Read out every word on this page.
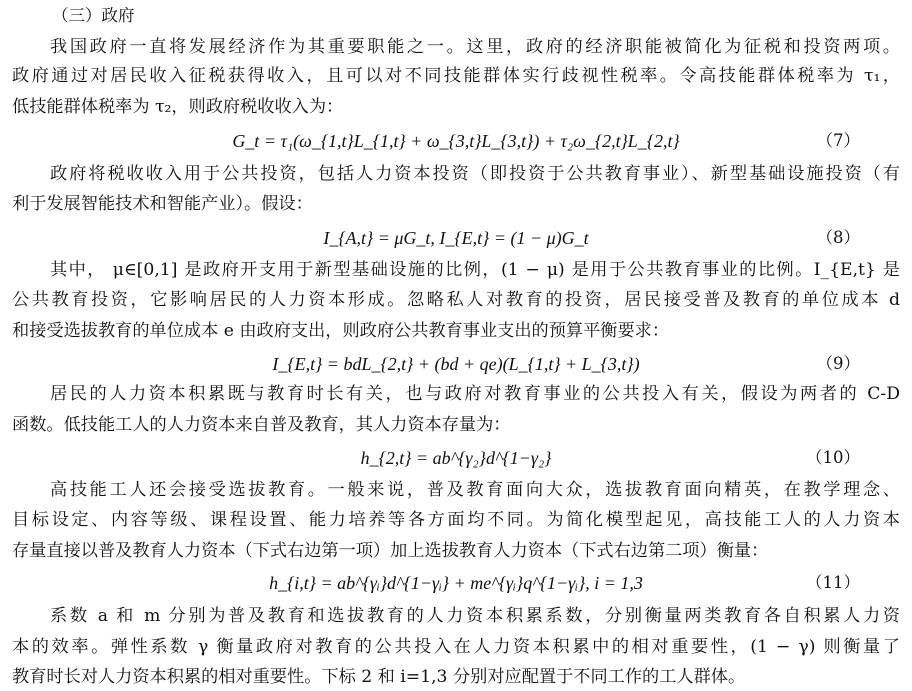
（三）政府
我国政府一直将发展经济作为其重要职能之一。这里，政府的经济职能被简化为征税和投资两项。
政府通过对居民收入征税获得收入，且可以对不同技能群体实行歧视性税率。令高技能群体税率为 τ₁，
低技能群体税率为 τ₂，则政府税收收入为：
G_t = τ₁(ω_{1,t}L_{1,t} + ω_{3,t}L_{3,t}) + τ₂ω_{2,t}L_{2,t}	（7）
政府将税收收入用于公共投资，包括人力资本投资（即投资于公共教育事业）、新型基础设施投资（有
利于发展智能技术和智能产业）。假设：
I_{A,t} = μG_t, I_{E,t} = (1 − μ)G_t	（8）
其中， μ∈[0,1] 是政府开支用于新型基础设施的比例，(1 − μ) 是用于公共教育事业的比例。I_{E,t} 是
公共教育投资，它影响居民的人力资本形成。忽略私人对教育的投资，居民接受普及教育的单位成本 d
和接受选拔教育的单位成本 e 由政府支出，则政府公共教育事业支出的预算平衡要求：
I_{E,t} = bdL_{2,t} + (bd + qe)(L_{1,t} + L_{3,t})	（9）
居民的人力资本积累既与教育时长有关，也与政府对教育事业的公共投入有关，假设为两者的 C-D
函数。低技能工人的人力资本来自普及教育，其人力资本存量为：
h_{2,t} = ab^{γ₂}d^{1−γ₂}	（10）
高技能工人还会接受选拔教育。一般来说，普及教育面向大众，选拔教育面向精英，在教学理念、
目标设定、内容等级、课程设置、能力培养等各方面均不同。为简化模型起见，高技能工人的人力资本
存量直接以普及教育人力资本（下式右边第一项）加上选拔教育人力资本（下式右边第二项）衡量：
h_{i,t} = ab^{γᵢ}d^{1−γᵢ} + me^{γᵢ}q^{1−γᵢ}, i = 1,3	（11）
系数 a 和 m 分别为普及教育和选拔教育的人力资本积累系数，分别衡量两类教育各自积累人力资
本的效率。弹性系数 γ 衡量政府对教育的公共投入在人力资本积累中的相对重要性，(1 − γ) 则衡量了
教育时长对人力资本积累的相对重要性。下标 2 和 i=1,3 分别对应配置于不同工作的工人群体。
